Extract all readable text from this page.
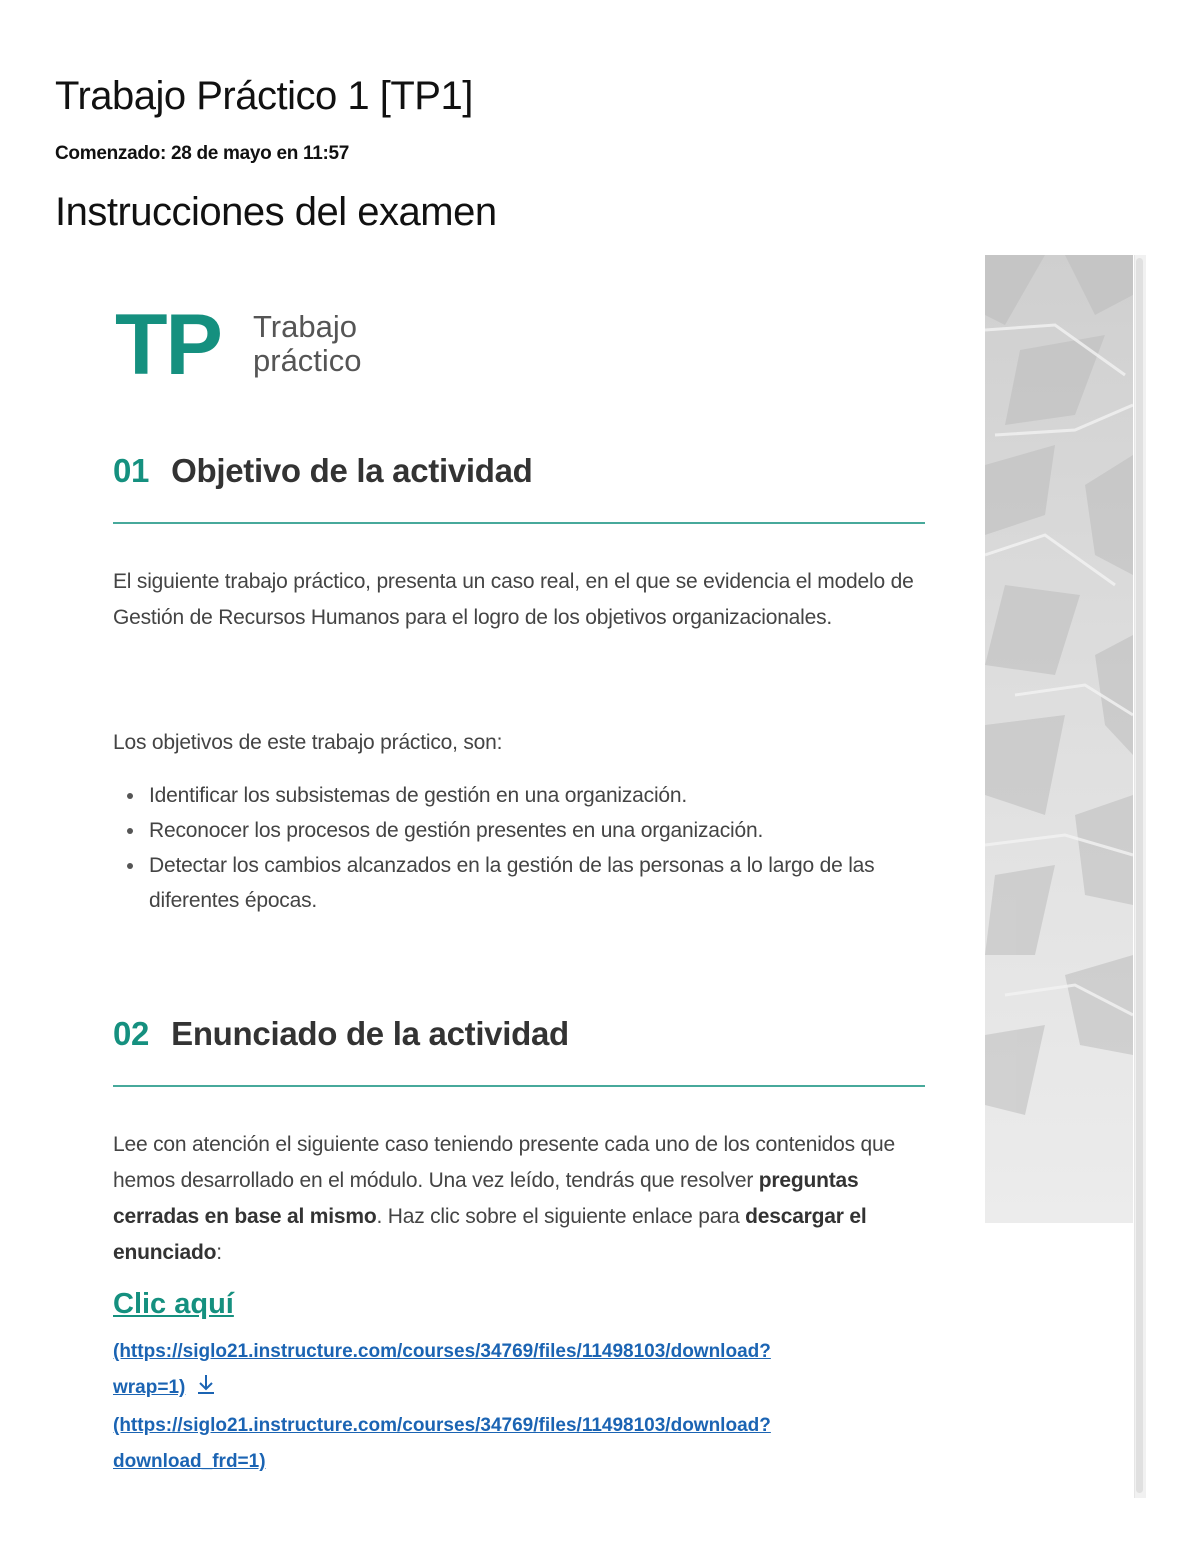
Trabajo Práctico 1 [TP1]

Comenzado: 28 de mayo en 11:57

Instrucciones del examen
TP Trabajo
práctico
01 Objetivo de la actividad

El siguiente trabajo práctico, presenta un caso real, en el que se evidencia el modelo de Gestión de Recursos Humanos para el logro de los objetivos organizacionales.

Los objetivos de este trabajo práctico, son:

Identificar los subsistemas de gestión en una organización.
Reconocer los procesos de gestión presentes en una organización.
Detectar los cambios alcanzados en la gestión de las personas a lo largo de las diferentes épocas.
02 Enunciado de la actividad

Lee con atención el siguiente caso teniendo presente cada uno de los contenidos que hemos desarrollado en el módulo. Una vez leído, tendrás que resolver preguntas cerradas en base al mismo. Haz clic sobre el siguiente enlace para descargar el enunciado:

Clic aquí

(https://siglo21.instructure.com/courses/34769/files/11498103/download?
wrap=1)
(https://siglo21.instructure.com/courses/34769/files/11498103/download?
download_frd=1)
